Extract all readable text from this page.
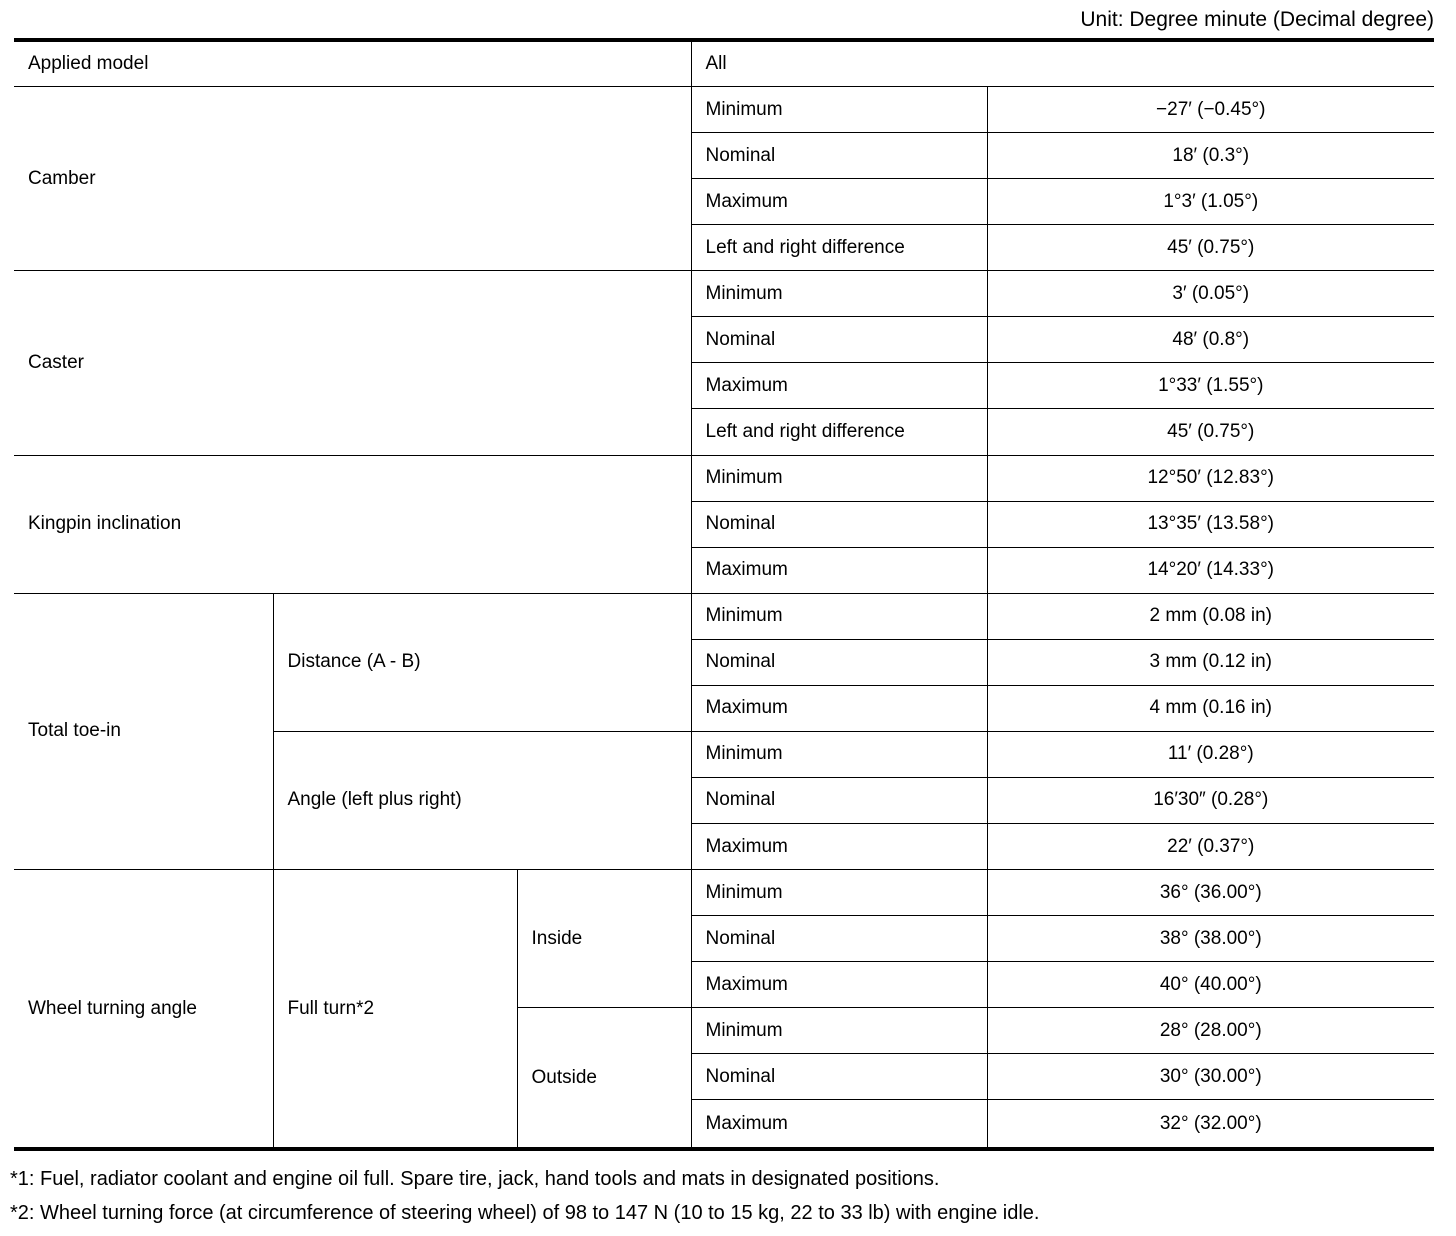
Unit: Degree minute (Decimal degree)
Applied model			All	
Camber			Minimum	−27′ (−0.45°)
			Nominal	18′ (0.3°)
			Maximum	1°3′ (1.05°)
			Left and right difference	45′ (0.75°)
Caster			Minimum	3′ (0.05°)
			Nominal	48′ (0.8°)
			Maximum	1°33′ (1.55°)
			Left and right difference	45′ (0.75°)
Kingpin inclination			Minimum	12°50′ (12.83°)
			Nominal	13°35′ (13.58°)
			Maximum	14°20′ (14.33°)
Total toe-in	Distance (A - B)		Minimum	2 mm (0.08 in)
			Nominal	3 mm (0.12 in)
			Maximum	4 mm (0.16 in)
	Angle (left plus right)		Minimum	11′ (0.28°)
			Nominal	16′30″ (0.28°)
			Maximum	22′ (0.37°)
Wheel turning angle	Full turn*2	Inside	Minimum	36° (36.00°)
			Nominal	38° (38.00°)
			Maximum	40° (40.00°)
		Outside	Minimum	28° (28.00°)
			Nominal	30° (30.00°)
			Maximum	32° (32.00°)
*1: Fuel, radiator coolant and engine oil full. Spare tire, jack, hand tools and mats in designated positions.
*2: Wheel turning force (at circumference of steering wheel) of 98 to 147 N (10 to 15 kg, 22 to 33 lb) with engine idle.
